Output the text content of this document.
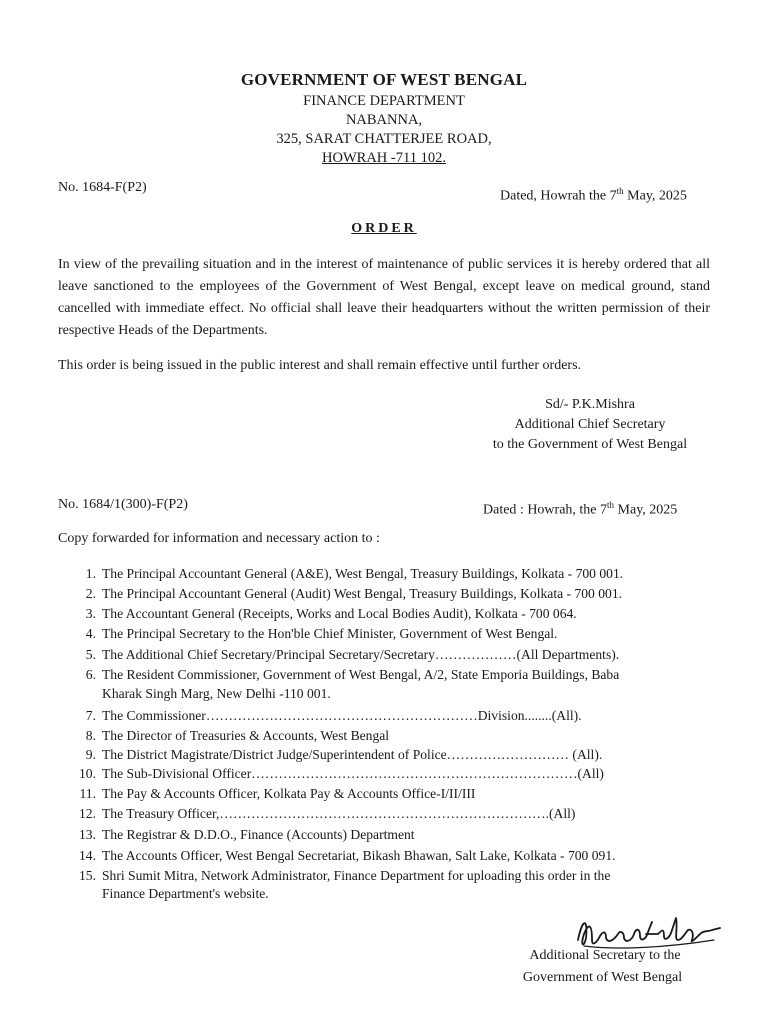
GOVERNMENT OF WEST BENGAL
FINANCE DEPARTMENT
NABANNA,
325, SARAT CHATTERJEE ROAD,
HOWRAH -711 102.
No. 1684-F(P2)
Dated, Howrah the 7th May, 2025
ORDER
In view of the prevailing situation and in the interest of maintenance of public services it is hereby ordered that all leave sanctioned to the employees of the Government of West Bengal, except leave on medical ground, stand cancelled with immediate effect. No official shall leave their headquarters without the written permission of their respective Heads of the Departments.
This order is being issued in the public interest and shall remain effective until further orders.
Sd/- P.K.Mishra
Additional Chief Secretary
to the Government of West Bengal
No. 1684/1(300)-F(P2)	Dated : Howrah, the 7th May, 2025
Copy forwarded for information and necessary action to :
1. The Principal Accountant General (A&E), West Bengal, Treasury Buildings, Kolkata - 700 001.
2. The Principal Accountant General (Audit) West Bengal, Treasury Buildings, Kolkata - 700 001.
3. The Accountant General (Receipts, Works and Local Bodies Audit), Kolkata - 700 064.
4. The Principal Secretary to the Hon'ble Chief Minister, Government of West Bengal.
5. The Additional Chief Secretary/Principal Secretary/Secretary………………(All Departments).
6. The Resident Commissioner, Government of West Bengal, A/2, State Emporia Buildings, Baba
Kharak Singh Marg, New Delhi -110 001.
7. The Commissioner……………………………………………………Division........(All).
8. The Director of Treasuries & Accounts, West Bengal
9. The District Magistrate/District Judge/Superintendent of Police……………………… (All).
10. The Sub-Divisional Officer………………………………………………………………(All)
11. The Pay & Accounts Officer, Kolkata Pay & Accounts Office-I/II/III
12. The Treasury Officer,……………………………………………………………….(All)
13. The Registrar & D.D.O., Finance (Accounts) Department
14. The Accounts Officer, West Bengal Secretariat, Bikash Bhawan, Salt Lake, Kolkata - 700 091.
15. Shri Sumit Mitra, Network Administrator, Finance Department for uploading this order in the
Finance Department's website.
Additional Secretary to the
Government of West Bengal
